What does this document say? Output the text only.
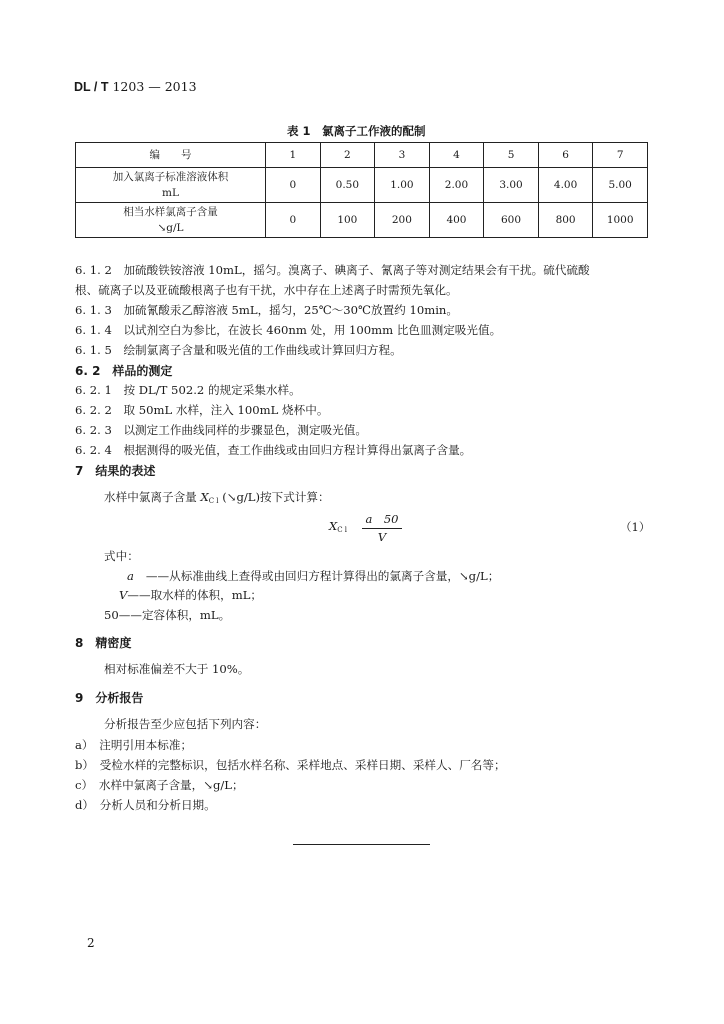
DL / T 1203 — 2013
表 1　氯离子工作液的配制
编　　号	1	2	3	4	5	6	7
加入氯离子标准溶液体积
mL	0	0.50	1.00	2.00	3.00	4.00	5.00
相当水样氯离子含量
↘g/L	0	100	200	400	600	800	1000
6. 1. 2　加硫酸铁铵溶液 10mL，摇匀。溴离子、碘离子、氰离子等对测定结果会有干扰。硫代硫酸
根、硫离子以及亚硫酸根离子也有干扰，水中存在上述离子时需预先氧化。
6. 1. 3　加硫氰酸汞乙醇溶液 5mL，摇匀，25℃～30℃放置约 10min。
6. 1. 4　以试剂空白为参比，在波长 460nm 处，用 100mm 比色皿测定吸光值。
6. 1. 5　绘制氯离子含量和吸光值的工作曲线或计算回归方程。
6. 2　样品的测定
6. 2. 1　按 DL/T 502.2 的规定采集水样。
6. 2. 2　取 50mL 水样，注入 100mL 烧杯中。
6. 2. 3　以测定工作曲线同样的步骤显色，测定吸光值。
6. 2. 4　根据测得的吸光值，查工作曲线或由回归方程计算得出氯离子含量。
7　结果的表述
水样中氯离子含量 $X_{C l}$ (↘g/L)按下式计算：
$X_{C l} \frac{a 50}{V}$	（1）
式中：
a ——从标准曲线上查得或由回归方程计算得出的氯离子含量，↘g/L；
V——取水样的体积，mL；
50——定容体积，mL。
8　精密度
相对标准偏差不大于 10%。
9　分析报告
分析报告至少应包括下列内容：
a）　注明引用本标准；
b）　受检水样的完整标识，包括水样名称、采样地点、采样日期、采样人、厂名等；
c）　水样中氯离子含量，↘g/L；
d）　分析人员和分析日期。
2
